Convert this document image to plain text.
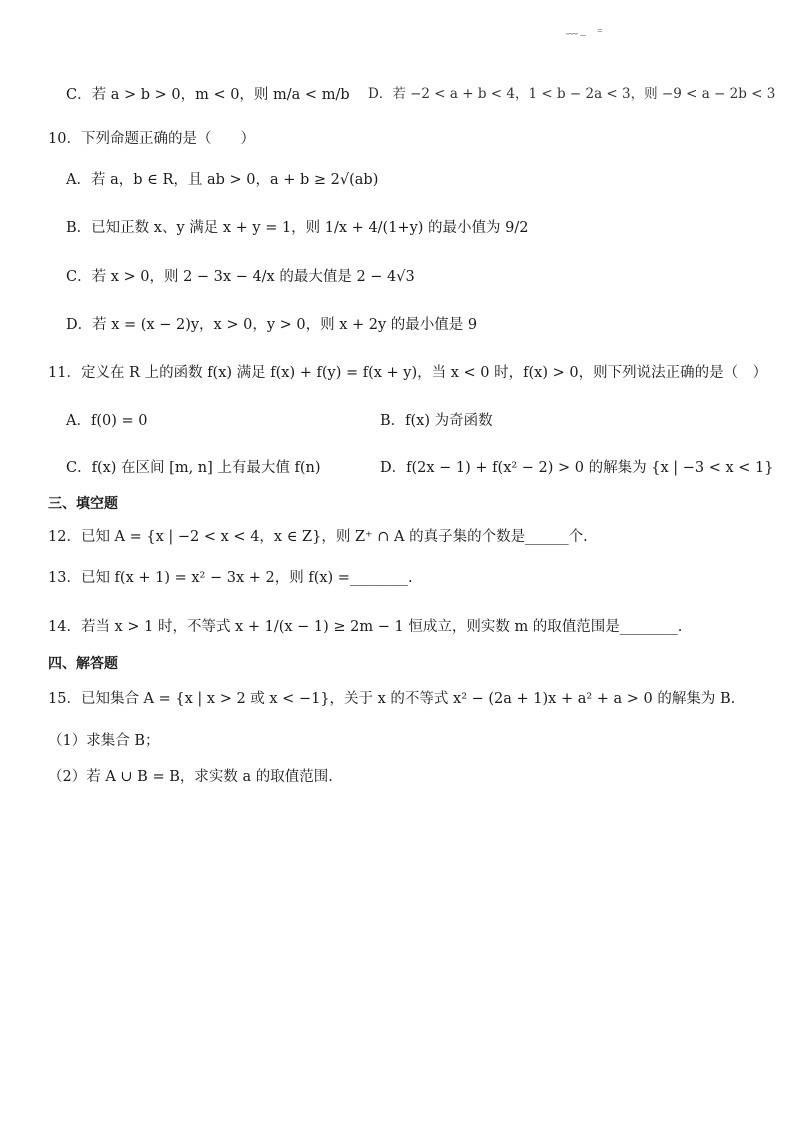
﹏_ ﹦
C．若 a > b > 0，m < 0，则 m/a < m/b D．若 −2 < a + b < 4，1 < b − 2a < 3，则 −9 < a − 2b < 3
10．下列命题正确的是（　　）
A．若 a，b ∈ R，且 ab > 0，a + b ≥ 2√(ab)
B．已知正数 x、y 满足 x + y = 1，则 1/x + 4/(1+y) 的最小值为 9/2
C．若 x > 0，则 2 − 3x − 4/x 的最大值是 2 − 4√3
D．若 x = (x − 2)y，x > 0，y > 0，则 x + 2y 的最小值是 9
11．定义在 R 上的函数 f(x) 满足 f(x) + f(y) = f(x + y)，当 x < 0 时，f(x) > 0，则下列说法正确的是（　）
A．f(0) = 0	B．f(x) 为奇函数
C．f(x) 在区间 [m, n] 上有最大值 f(n)	D．f(2x − 1) + f(x² − 2) > 0 的解集为 {x | −3 < x < 1}
三、填空题
12．已知 A = {x | −2 < x < 4，x ∈ Z}，则 Z⁺ ∩ A 的真子集的个数是______个.
13．已知 f(x + 1) = x² − 3x + 2，则 f(x) =________.
14．若当 x > 1 时，不等式 x + 1/(x − 1) ≥ 2m − 1 恒成立，则实数 m 的取值范围是________.
四、解答题
15．已知集合 A = {x | x > 2 或 x < −1}，关于 x 的不等式 x² − (2a + 1)x + a² + a > 0 的解集为 B.
（1）求集合 B；
（2）若 A ∪ B = B，求实数 a 的取值范围.
